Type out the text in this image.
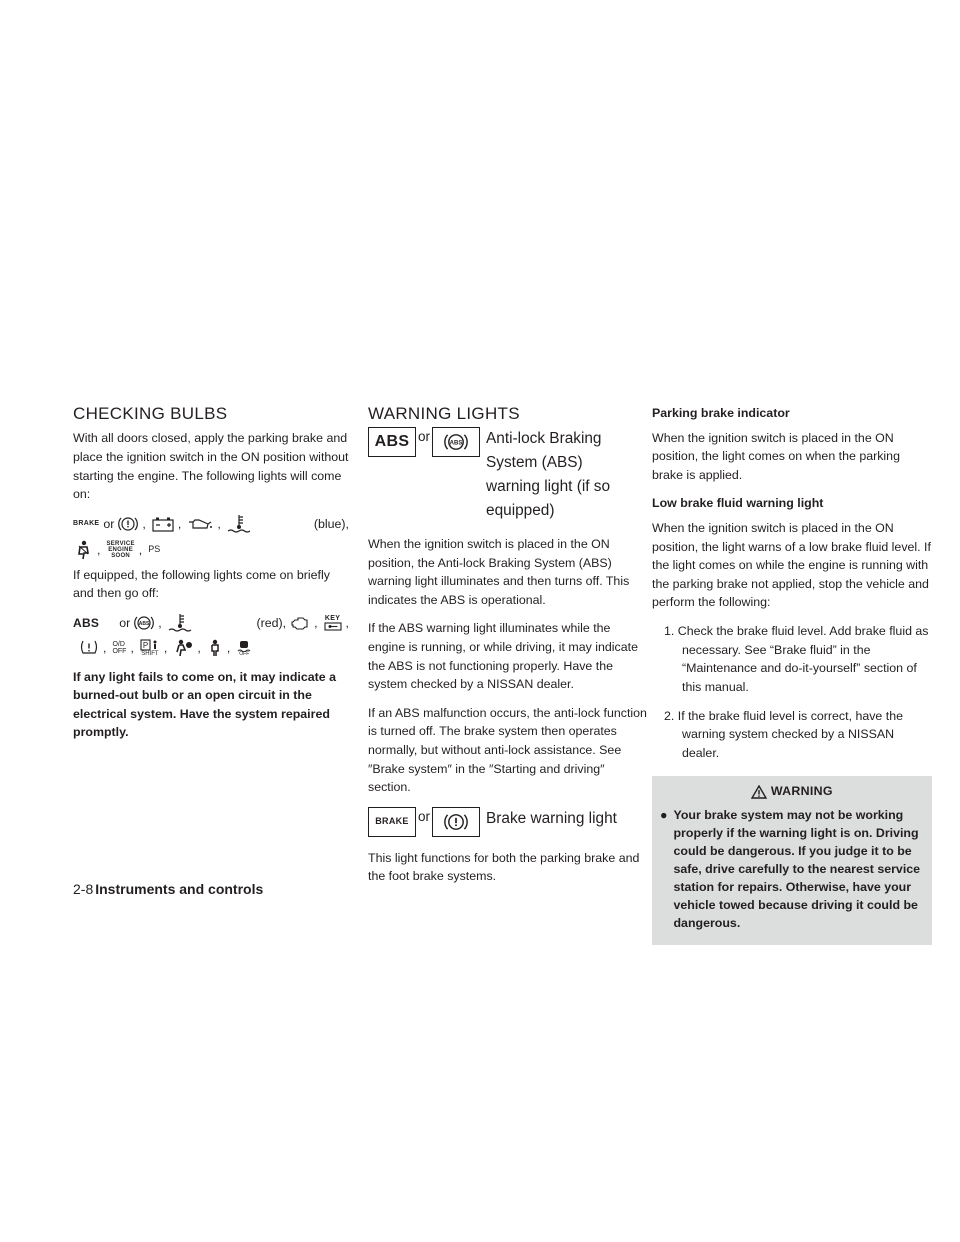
CHECKING BULBS

With all doors closed, apply the parking brake and place the ignition switch in the ON position without starting the engine. The following lights will come on:

BRAKE or ,	,	,	(blue),
, SERVICE
ENGINE
SOON , PS

If equipped, the following lights come on briefly and then go off:

ABS or ABS ,	(red), , KEY ,
, O/D
OFF , P
SHIFT , , , OFF

If any light fails to come on, it may indicate a burned-out bulb or an open circuit in the electrical system. Have the system repaired promptly.

WARNING LIGHTS
ABS or	ABS Anti-lock Braking
System (ABS)
warning light (if so
equipped)

When the ignition switch is placed in the ON position, the Anti-lock Braking System (ABS) warning light illuminates and then turns off. This indicates the ABS is operational.

If the ABS warning light illuminates while the engine is running, or while driving, it may indicate the ABS is not functioning properly. Have the system checked by a NISSAN dealer.

If an ABS malfunction occurs, the anti-lock function is turned off. The brake system then operates normally, but without anti-lock assistance. See ″Brake system″ in the ″Starting and driving″ section.

BRAKE or	Brake warning light

This light functions for both the parking brake and the foot brake systems.

Parking brake indicator

When the ignition switch is placed in the ON position, the light comes on when the parking brake is applied.

Low brake fluid warning light

When the ignition switch is placed in the ON position, the light warns of a low brake fluid level. If the light comes on while the engine is running with the parking brake not applied, stop the vehicle and perform the following:

1. Check the brake fluid level. Add brake fluid as necessary. See “Brake fluid” in the “Maintenance and do-it-yourself” section of this manual.
2. If the brake fluid level is correct, have the warning system checked by a NISSAN dealer.
WARNING
● Your brake system may not be working properly if the warning light is on. Driving could be dangerous. If you judge it to be safe, drive carefully to the nearest service station for repairs. Otherwise, have your vehicle towed because driving it could be dangerous.
2-8 Instruments and controls
